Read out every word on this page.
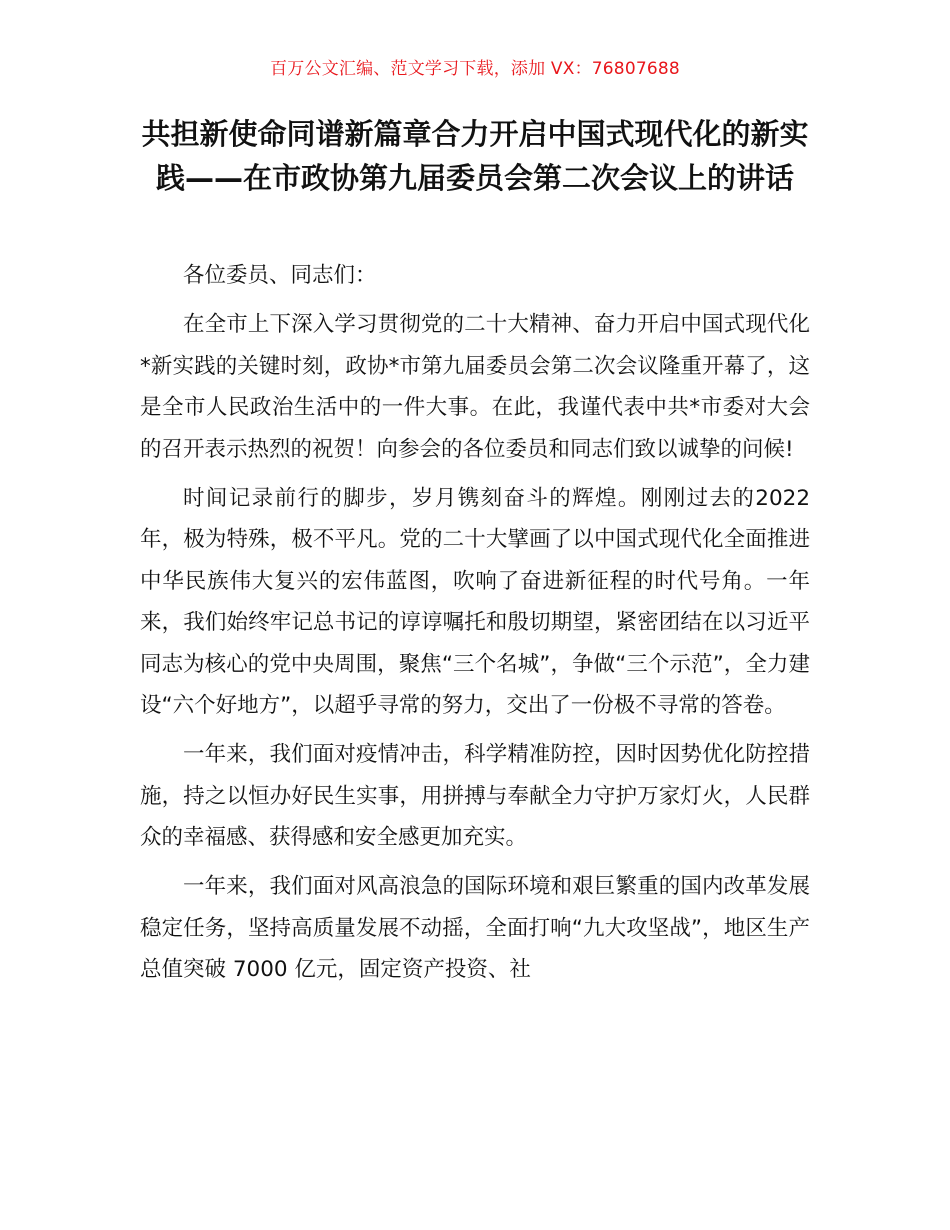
百万公文汇编、范文学习下载，添加 VX：76807688
共担新使命同谱新篇章合力开启中国式现代化的新实践——在市政协第九届委员会第二次会议上的讲话

各位委员、同志们：

在全市上下深入学习贯彻党的二十大精神、奋力开启中国式现代化*新实践的关键时刻，政协*市第九届委员会第二次会议隆重开幕了，这是全市人民政治生活中的一件大事。在此，我谨代表中共*市委对大会的召开表示热烈的祝贺！向参会的各位委员和同志们致以诚挚的问候!

时间记录前行的脚步，岁月镌刻奋斗的辉煌。刚刚过去的2022 年，极为特殊，极不平凡。党的二十大擘画了以中国式现代化全面推进中华民族伟大复兴的宏伟蓝图，吹响了奋进新征程的时代号角。一年来，我们始终牢记总书记的谆谆嘱托和殷切期望，紧密团结在以习近平同志为核心的党中央周围，聚焦“三个名城”，争做“三个示范”，全力建设“六个好地方”，以超乎寻常的努力，交出了一份极不寻常的答卷。

一年来，我们面对疫情冲击，科学精准防控，因时因势优化防控措施，持之以恒办好民生实事，用拼搏与奉献全力守护万家灯火，人民群众的幸福感、获得感和安全感更加充实。

一年来，我们面对风高浪急的国际环境和艰巨繁重的国内改革发展稳定任务，坚持高质量发展不动摇，全面打响“九大攻坚战”，地区生产总值突破 7000 亿元，固定资产投资、社
